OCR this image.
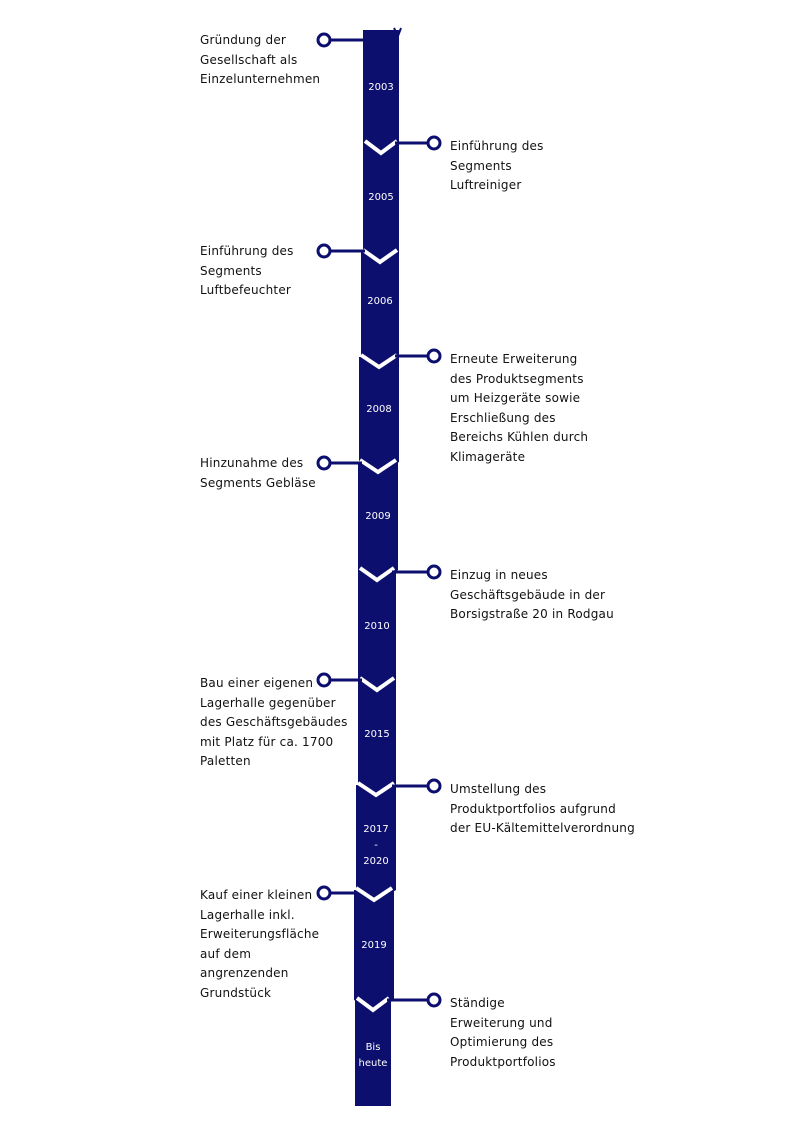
2003
2005
2006
2008
2009
2010
2015
2017
-
2020
2019
Bis
heute
Gründung der
Gesellschaft als
Einzelunternehmen
Einführung des
Segments
Luftreiniger
Einführung des
Segments
Luftbefeuchter
Erneute Erweiterung
des Produktsegments
um Heizgeräte sowie
Erschließung des
Bereichs Kühlen durch
Klimageräte
Hinzunahme des
Segments Gebläse
Einzug in neues
Geschäftsgebäude in der
Borsigstraße 20 in Rodgau
Bau einer eigenen
Lagerhalle gegenüber
des Geschäftsgebäudes
mit Platz für ca. 1700
Paletten
Umstellung des
Produktportfolios aufgrund
der EU-Kältemittelverordnung
Kauf einer kleinen
Lagerhalle inkl.
Erweiterungsfläche
auf dem
angrenzenden
Grundstück
Ständige
Erweiterung und
Optimierung des
Produktportfolios
